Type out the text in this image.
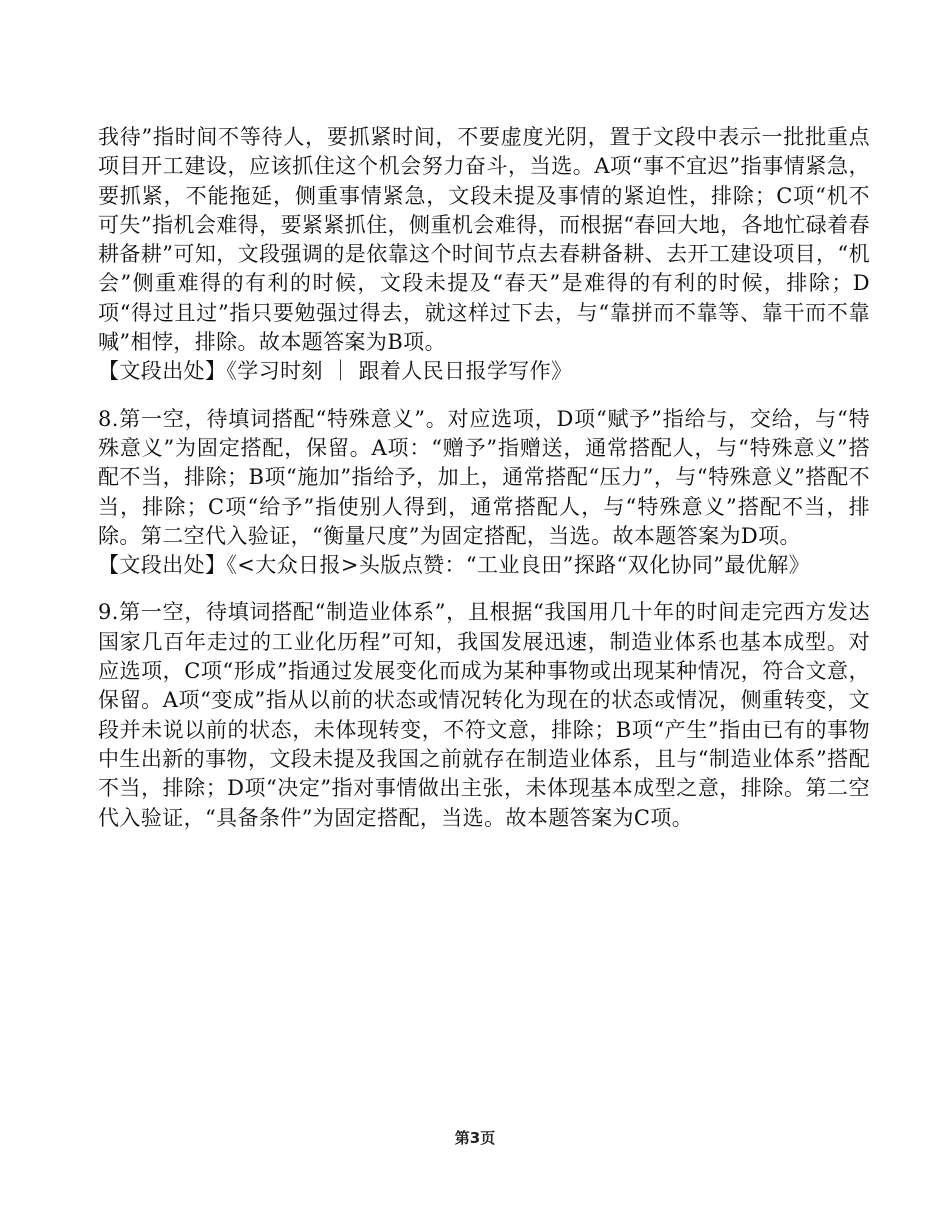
我待”指时间不等待人，要抓紧时间，不要虚度光阴，置于文段中表示一批批重点项目开工建设，应该抓住这个机会努力奋斗，当选。A项“事不宜迟”指事情紧急，要抓紧，不能拖延，侧重事情紧急，文段未提及事情的紧迫性，排除；C项“机不可失”指机会难得，要紧紧抓住，侧重机会难得，而根据“春回大地，各地忙碌着春耕备耕”可知，文段强调的是依靠这个时间节点去春耕备耕、去开工建设项目，“机会”侧重难得的有利的时候，文段未提及“春天”是难得的有利的时候，排除；D项“得过且过”指只要勉强过得去，就这样过下去，与“靠拼而不靠等、靠干而不靠喊”相悖，排除。故本题答案为B项。

【文段出处】《学习时刻 ｜ 跟着人民日报学写作》

8.第一空，待填词搭配“特殊意义”。对应选项，D项“赋予”指给与，交给，与“特殊意义”为固定搭配，保留。A项：“赠予”指赠送，通常搭配人，与“特殊意义”搭配不当，排除；B项“施加”指给予，加上，通常搭配“压力”，与“特殊意义”搭配不当，排除；C项“给予”指使别人得到，通常搭配人，与“特殊意义”搭配不当，排除。第二空代入验证，“衡量尺度”为固定搭配，当选。故本题答案为D项。

【文段出处】《<大众日报>头版点赞：“工业良田”探路“双化协同”最优解》

9.第一空，待填词搭配“制造业体系”，且根据“我国用几十年的时间走完西方发达国家几百年走过的工业化历程”可知，我国发展迅速，制造业体系也基本成型。对应选项，C项“形成”指通过发展变化而成为某种事物或出现某种情况，符合文意，保留。A项“变成”指从以前的状态或情况转化为现在的状态或情况，侧重转变，文段并未说以前的状态，未体现转变，不符文意，排除；B项“产生”指由已有的事物中生出新的事物，文段未提及我国之前就存在制造业体系，且与“制造业体系”搭配不当，排除；D项“决定”指对事情做出主张，未体现基本成型之意，排除。第二空代入验证，“具备条件”为固定搭配，当选。故本题答案为C项。

第3页
